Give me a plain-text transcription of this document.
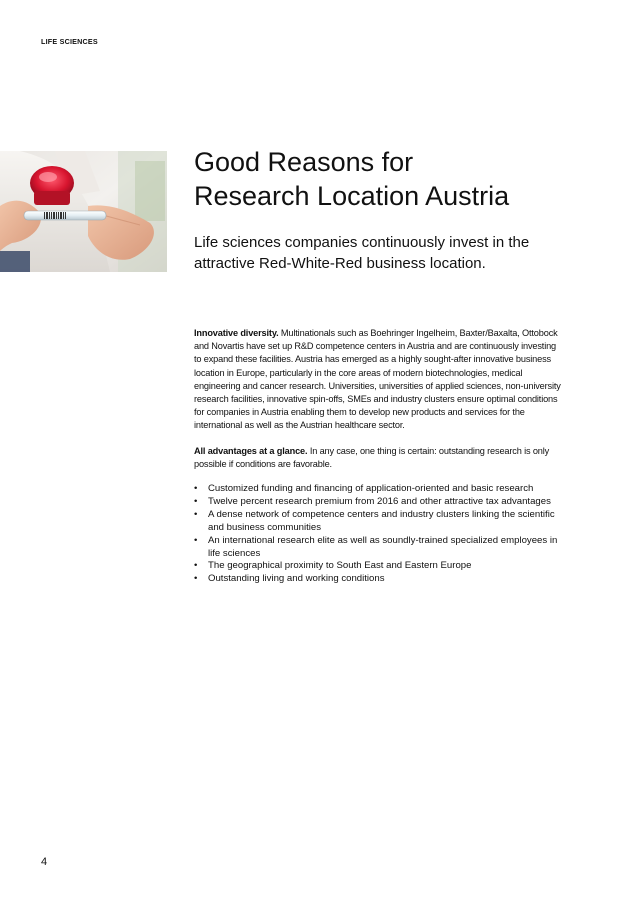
LIFE SCIENCES
Good Reasons for
Research Location Austria

Life sciences companies continuously invest in the
attractive Red-White-Red business location.

Innovative diversity. Multinationals such as Boehringer Ingelheim, Baxter/Baxalta, Ottobock and Novartis have set up R&D competence centers in Austria and are continuously investing to expand these facilities. Austria has emerged as a highly sought-after innovative business location in Europe, particularly in the core areas of modern biotechnologies, medical engineering and cancer research. Universities, universities of applied sciences, non-university research facilities, innovative spin-offs, SMEs and industry clusters ensure optimal conditions for companies in Austria enabling them to develop new products and services for the international as well as the Austrian healthcare sector.

All advantages at a glance. In any case, one thing is certain: outstanding research is only possible if conditions are favorable.

• Customized funding and financing of application-oriented and basic research
• Twelve percent research premium from 2016 and other attractive tax advantages
• A dense network of competence centers and industry clusters linking the scientific and business communities
• An international research elite as well as soundly-trained specialized employees in life sciences
• The geographical proximity to South East and Eastern Europe
• Outstanding living and working conditions
4
